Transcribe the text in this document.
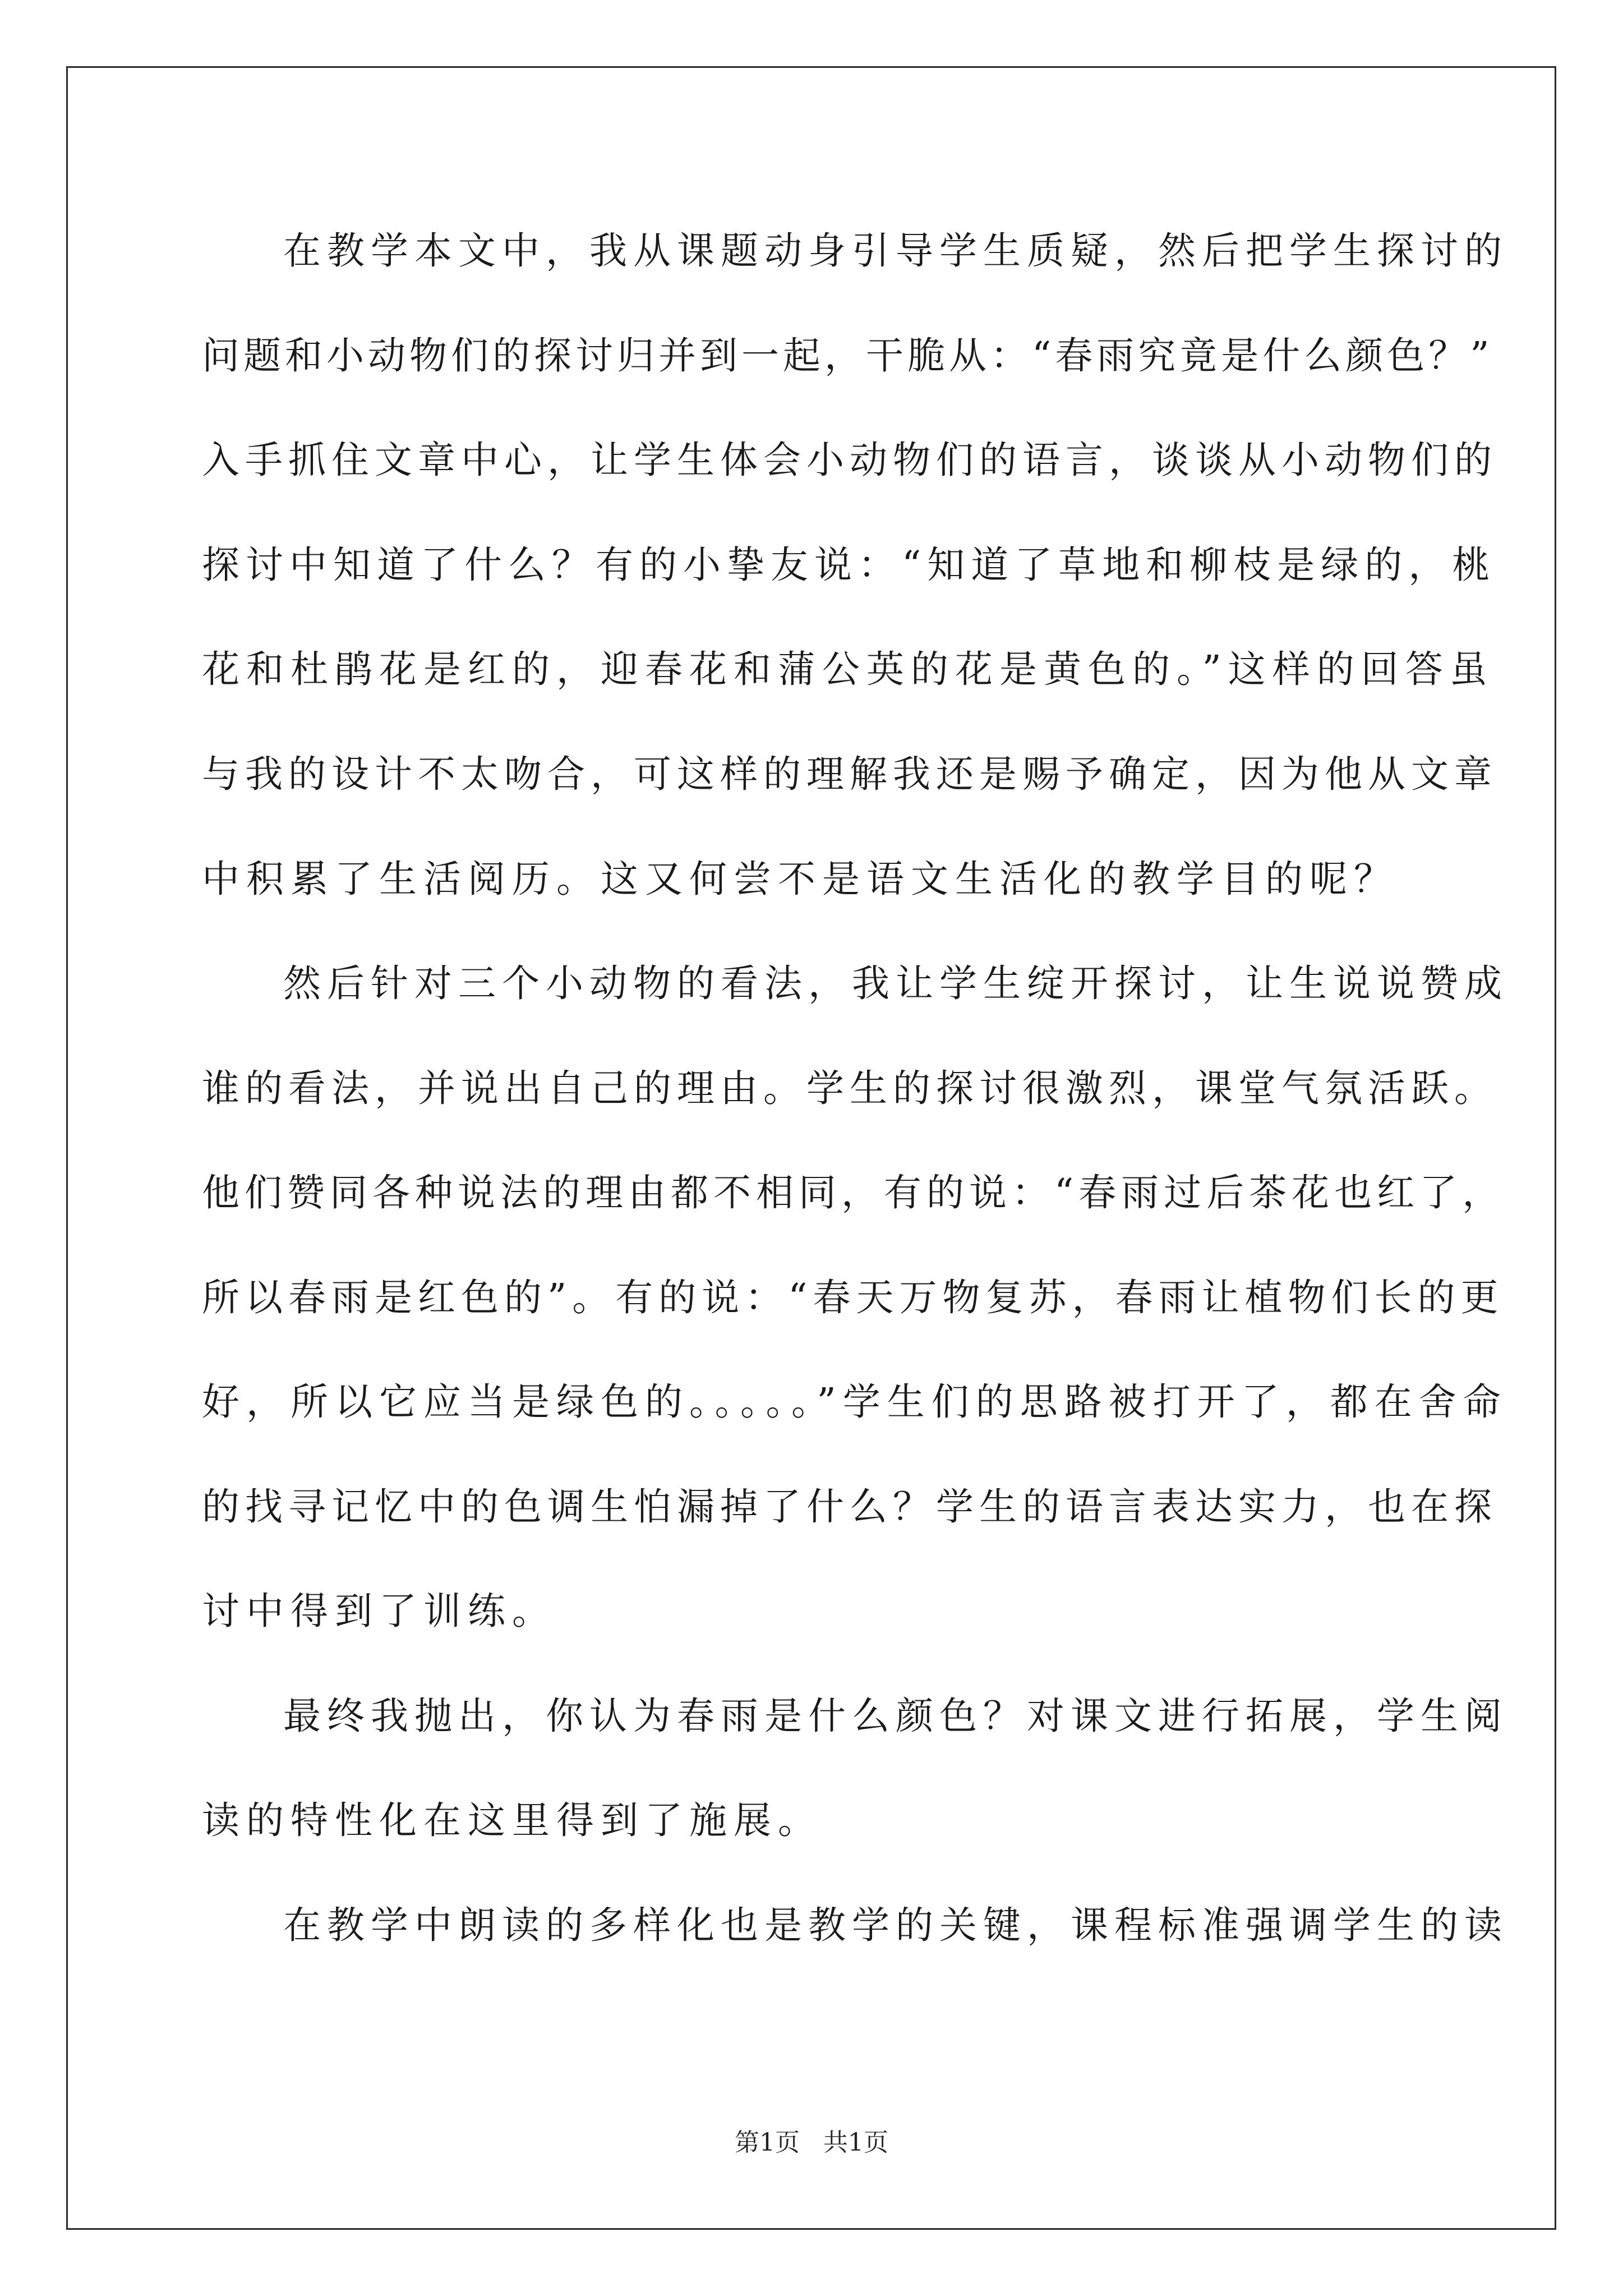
在教学本文中，我从课题动身引导学生质疑，然后把学生探讨的
问题和小动物们的探讨归并到一起，干脆从：“春雨究竟是什么颜色？”
入手抓住文章中心，让学生体会小动物们的语言，谈谈从小动物们的
探讨中知道了什么？有的小挚友说：“知道了草地和柳枝是绿的，桃
花和杜鹃花是红的，迎春花和蒲公英的花是黄色的。”这样的回答虽
与我的设计不太吻合，可这样的理解我还是赐予确定，因为他从文章
中积累了生活阅历。这又何尝不是语文生活化的教学目的呢？
然后针对三个小动物的看法，我让学生绽开探讨，让生说说赞成
谁的看法，并说出自己的理由。学生的探讨很激烈，课堂气氛活跃。
他们赞同各种说法的理由都不相同，有的说：“春雨过后茶花也红了，
所以春雨是红色的”。有的说：“春天万物复苏，春雨让植物们长的更
好，所以它应当是绿色的。。。。。”学生们的思路被打开了，都在舍命
的找寻记忆中的色调生怕漏掉了什么？学生的语言表达实力，也在探
讨中得到了训练。
最终我抛出，你认为春雨是什么颜色？对课文进行拓展，学生阅
读的特性化在这里得到了施展。
在教学中朗读的多样化也是教学的关键，课程标准强调学生的读
第1页   共1页
